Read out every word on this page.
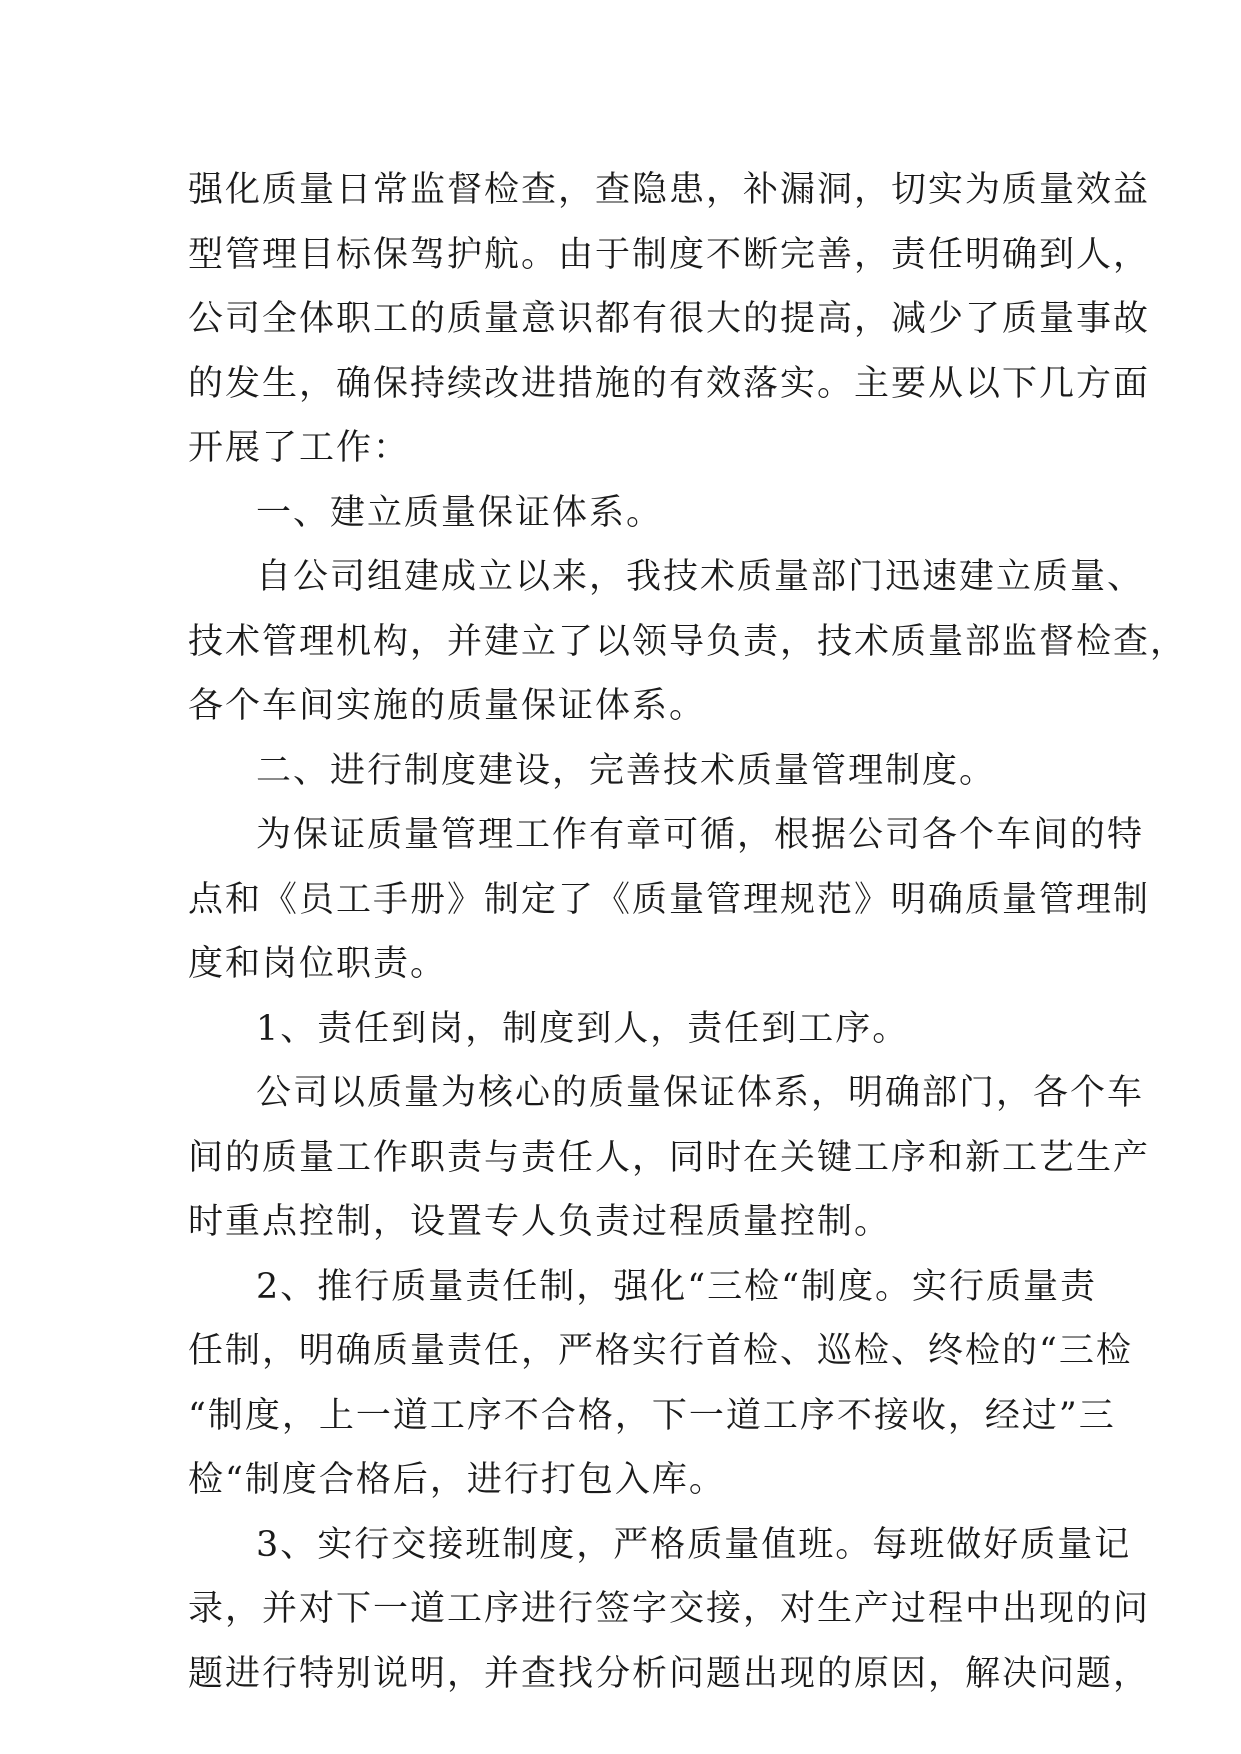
强化质量日常监督检查，查隐患，补漏洞，切实为质量效益
型管理目标保驾护航。由于制度不断完善，责任明确到人，
公司全体职工的质量意识都有很大的提高，减少了质量事故
的发生，确保持续改进措施的有效落实。主要从以下几方面
开展了工作：
一、建立质量保证体系。
自公司组建成立以来，我技术质量部门迅速建立质量、
技术管理机构，并建立了以领导负责，技术质量部监督检查，
各个车间实施的质量保证体系。
二、进行制度建设，完善技术质量管理制度。
为保证质量管理工作有章可循，根据公司各个车间的特
点和《员工手册》制定了《质量管理规范》明确质量管理制
度和岗位职责。
1、责任到岗，制度到人，责任到工序。
公司以质量为核心的质量保证体系，明确部门，各个车
间的质量工作职责与责任人，同时在关键工序和新工艺生产
时重点控制，设置专人负责过程质量控制。
2、推行质量责任制，强化“三检“制度。实行质量责
任制，明确质量责任，严格实行首检、巡检、终检的“三检
“制度，上一道工序不合格，下一道工序不接收，经过”三
检“制度合格后，进行打包入库。
3、实行交接班制度，严格质量值班。每班做好质量记
录，并对下一道工序进行签字交接，对生产过程中出现的问
题进行特别说明，并查找分析问题出现的原因，解决问题，
